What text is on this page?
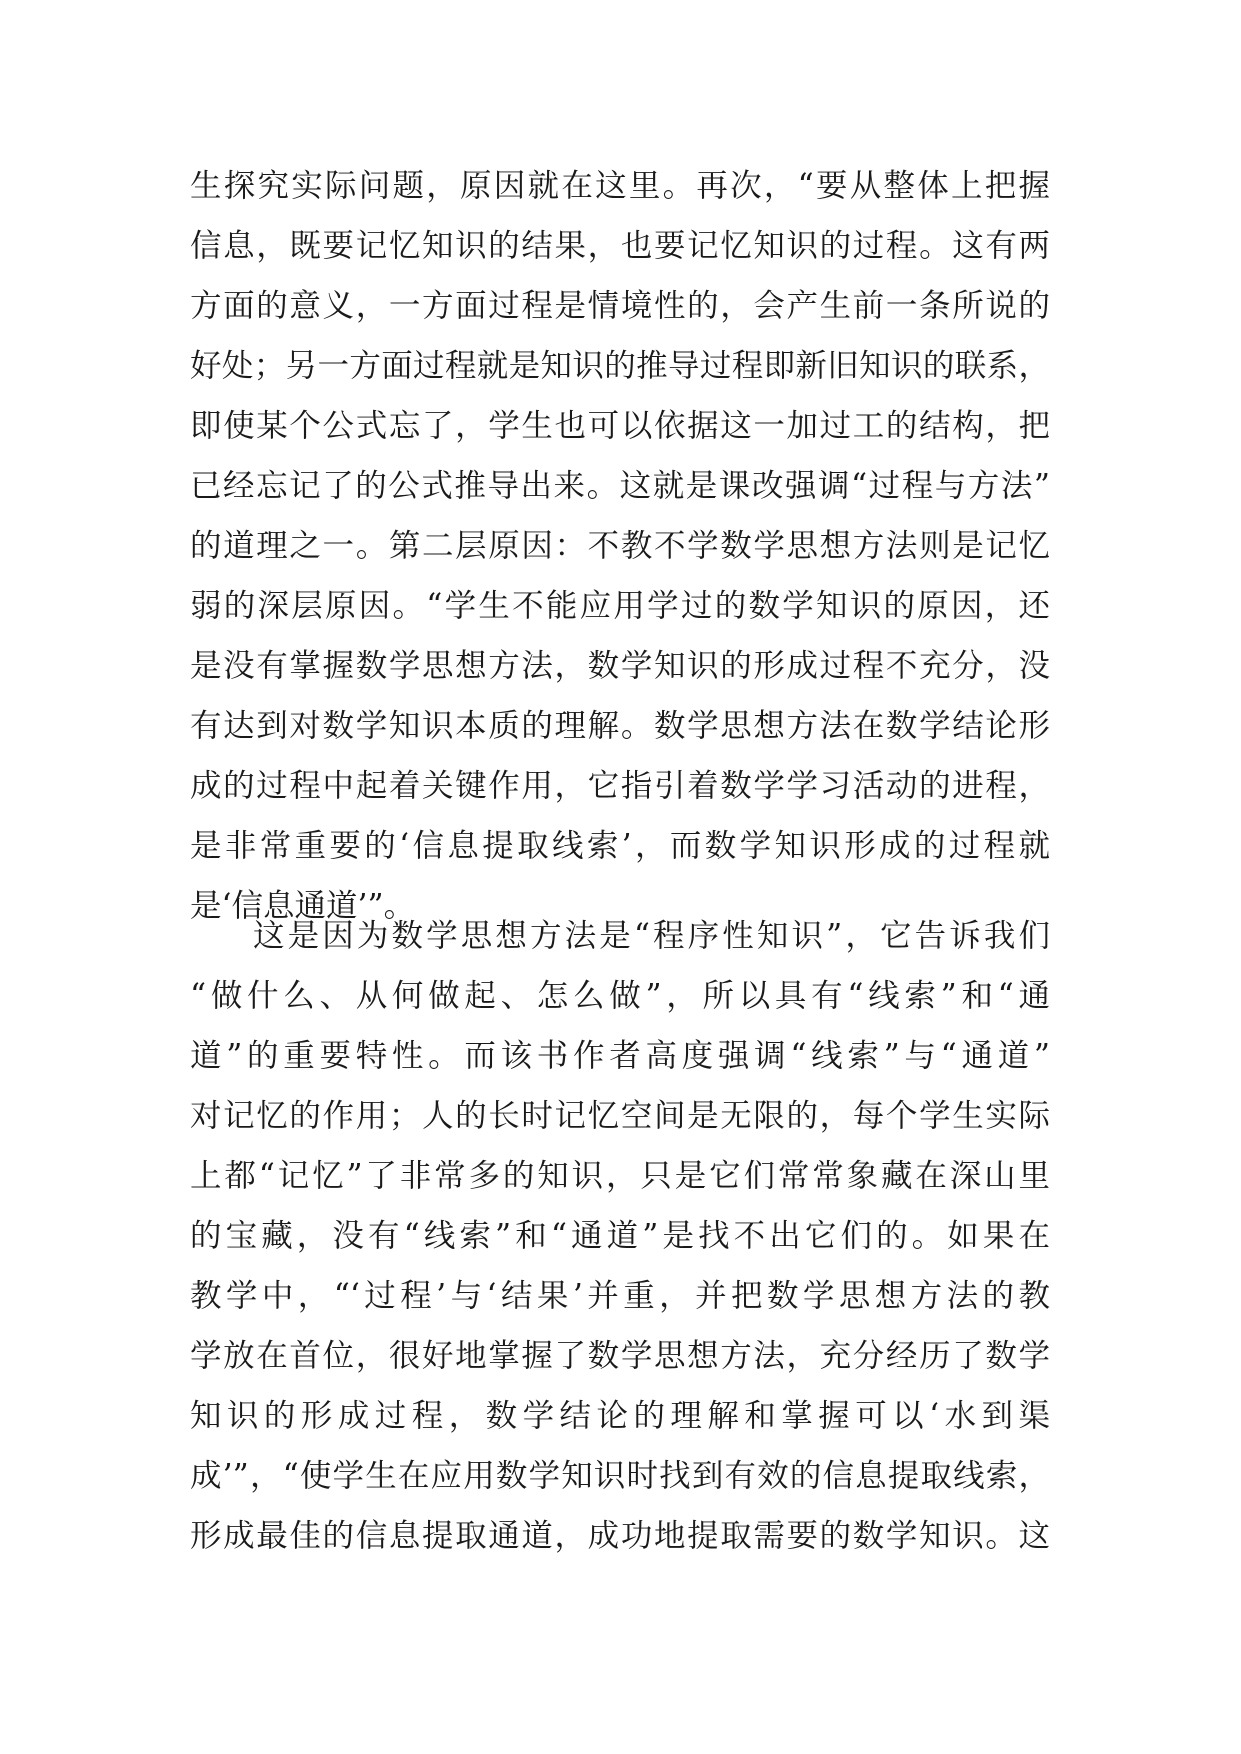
生探究实际问题，原因就在这里。再次，“要从整体上把握
信息，既要记忆知识的结果，也要记忆知识的过程。这有两
方面的意义，一方面过程是情境性的，会产生前一条所说的
好处；另一方面过程就是知识的推导过程即新旧知识的联系，
即使某个公式忘了，学生也可以依据这一加过工的结构，把
已经忘记了的公式推导出来。这就是课改强调“过程与方法”
的道理之一。第二层原因：不教不学数学思想方法则是记忆
弱的深层原因。“学生不能应用学过的数学知识的原因，还
是没有掌握数学思想方法，数学知识的形成过程不充分，没
有达到对数学知识本质的理解。数学思想方法在数学结论形
成的过程中起着关键作用，它指引着数学学习活动的进程，
是非常重要的‘信息提取线索’，而数学知识形成的过程就
是‘信息通道’”。
这是因为数学思想方法是“程序性知识”，它告诉我们
“做什么、从何做起、怎么做”，所以具有“线索”和“通
道”的重要特性。而该书作者高度强调“线索”与“通道”
对记忆的作用；人的长时记忆空间是无限的，每个学生实际
上都“记忆”了非常多的知识，只是它们常常象藏在深山里
的宝藏，没有“线索”和“通道”是找不出它们的。如果在
教学中，“‘过程’与‘结果’并重，并把数学思想方法的教
学放在首位，很好地掌握了数学思想方法，充分经历了数学
知识的形成过程，数学结论的理解和掌握可以‘水到渠
成’”，“使学生在应用数学知识时找到有效的信息提取线索，
形成最佳的信息提取通道，成功地提取需要的数学知识。这
